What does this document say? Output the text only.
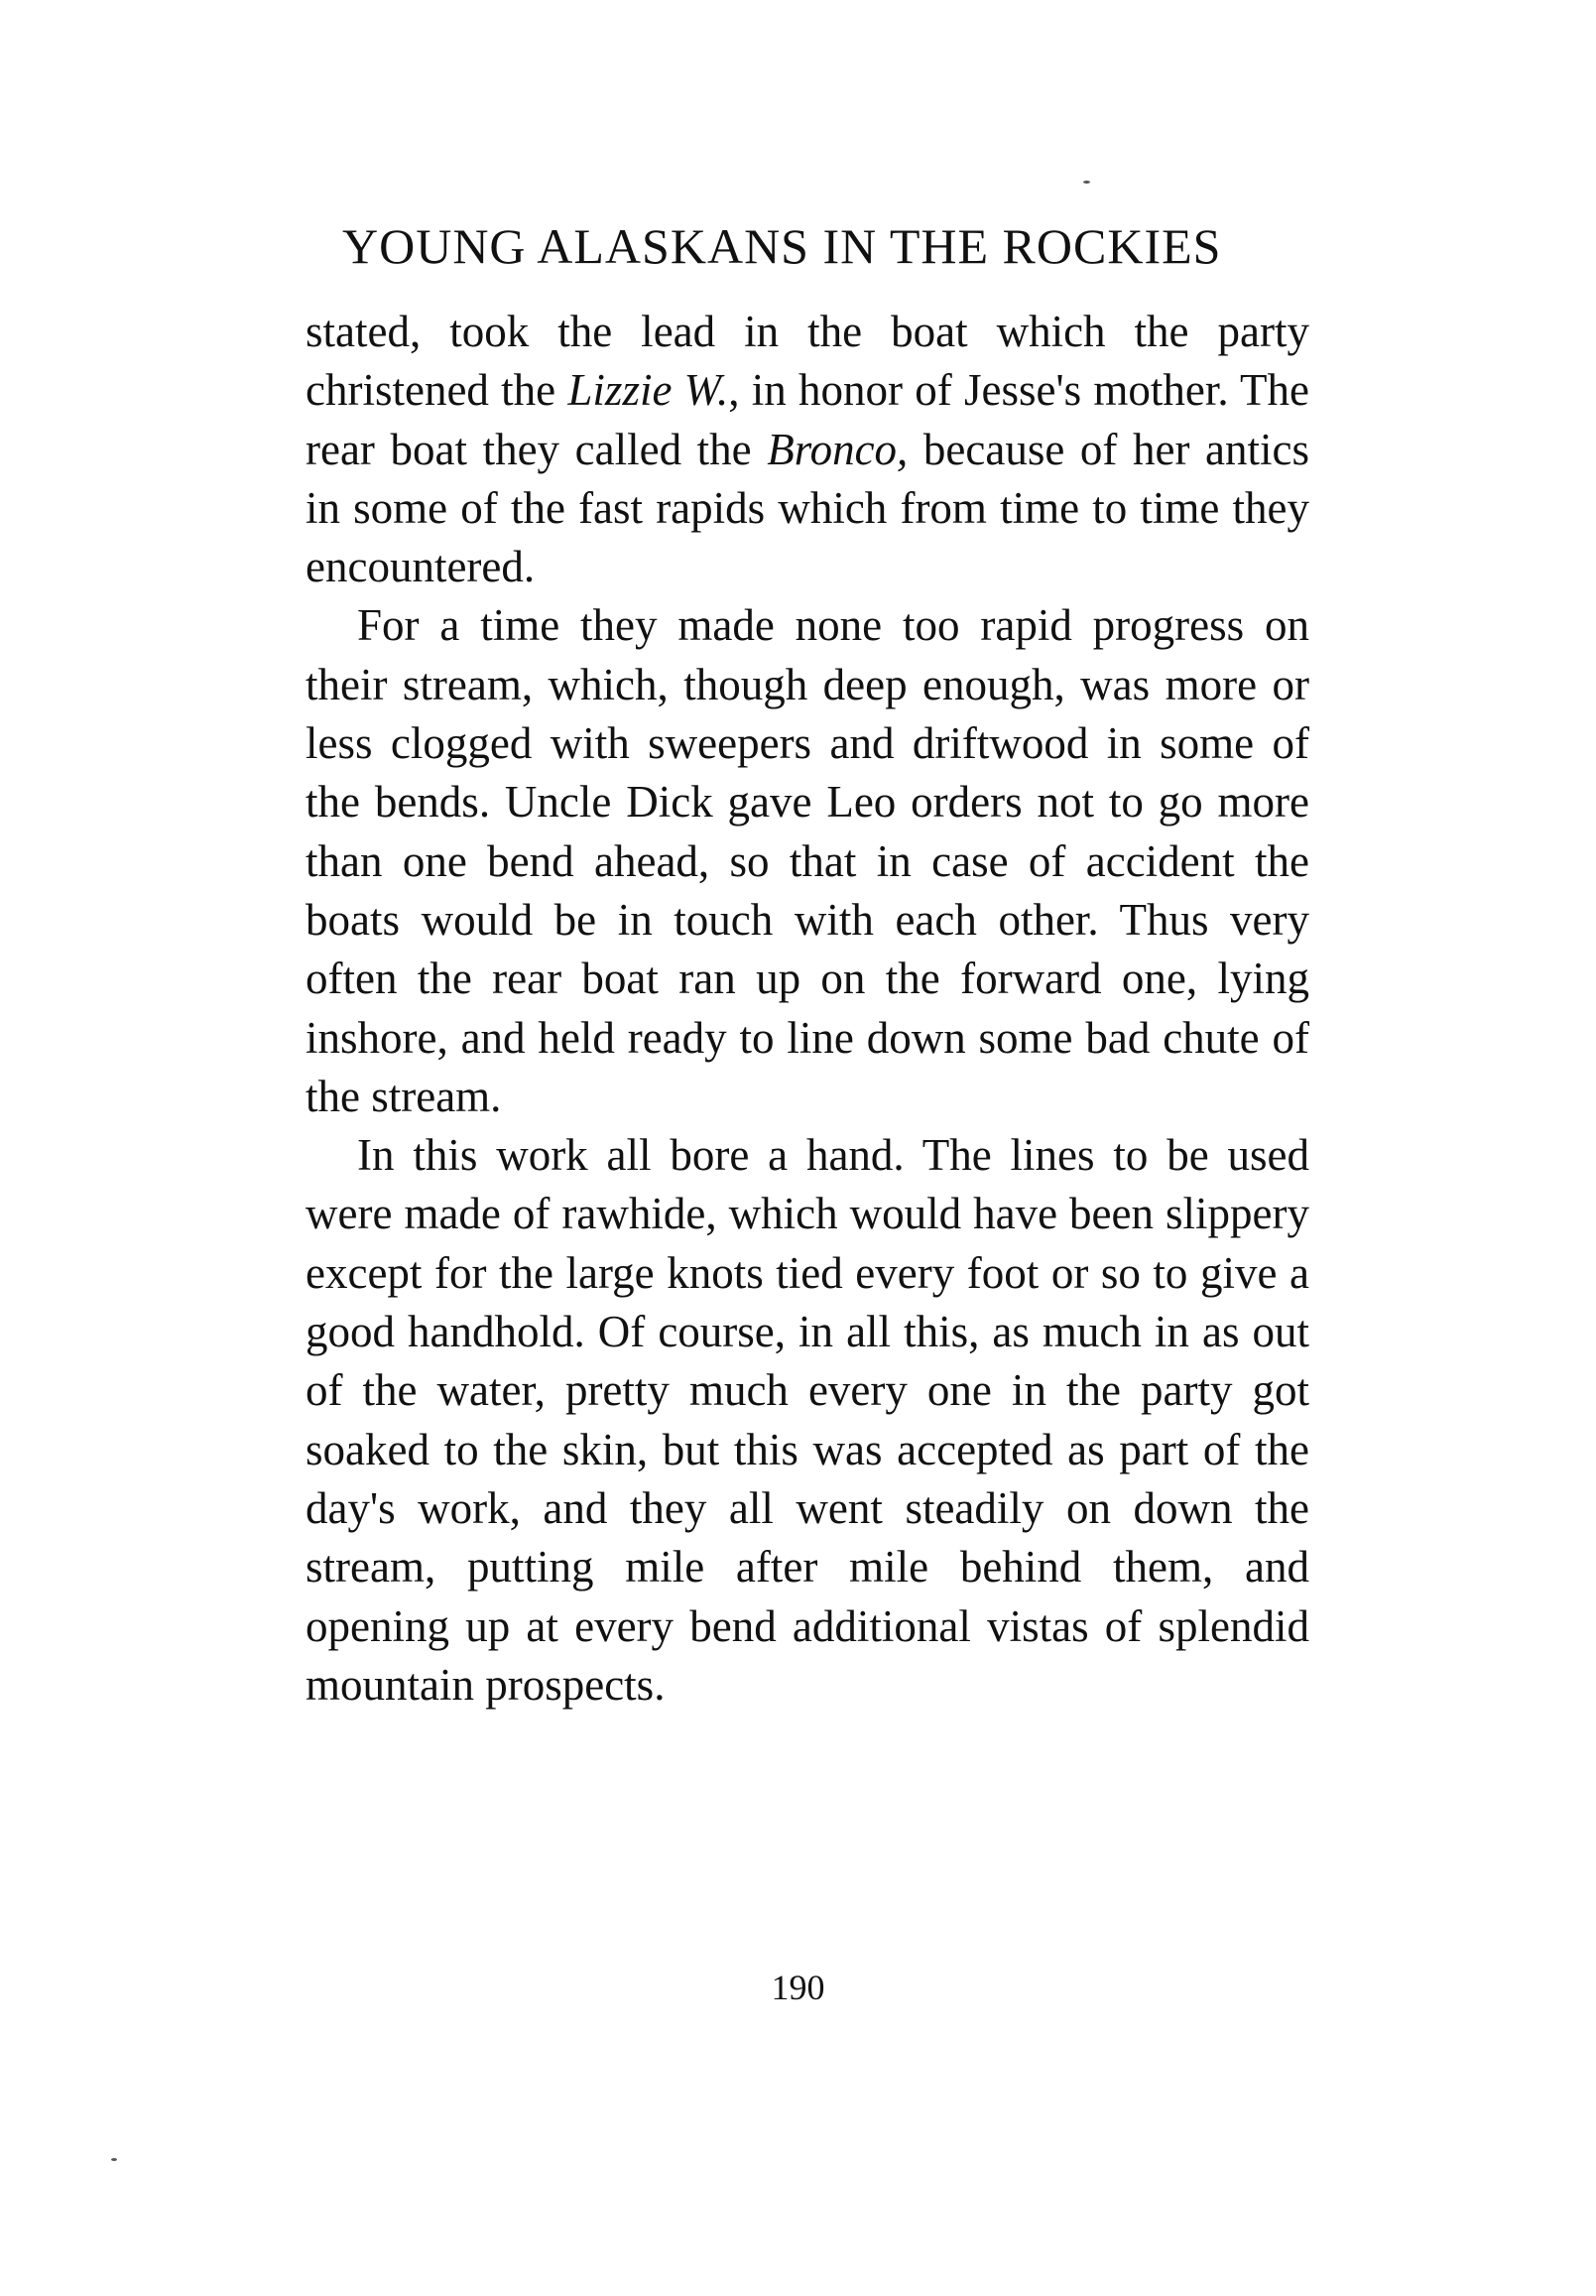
YOUNG ALASKANS IN THE ROCKIES

stated, took the lead in the boat which the party christened the Lizzie W., in honor of Jesse's mother. The rear boat they called the Bronco, because of her antics in some of the fast rapids which from time to time they encountered.

For a time they made none too rapid progress on their stream, which, though deep enough, was more or less clogged with sweepers and driftwood in some of the bends. Uncle Dick gave Leo orders not to go more than one bend ahead, so that in case of accident the boats would be in touch with each other. Thus very often the rear boat ran up on the forward one, lying inshore, and held ready to line down some bad chute of the stream.

In this work all bore a hand. The lines to be used were made of rawhide, which would have been slippery except for the large knots tied every foot or so to give a good handhold. Of course, in all this, as much in as out of the water, pretty much every one in the party got soaked to the skin, but this was accepted as part of the day's work, and they all went steadily on down the stream, putting mile after mile behind them, and opening up at every bend additional vistas of splendid mountain prospects.

190
